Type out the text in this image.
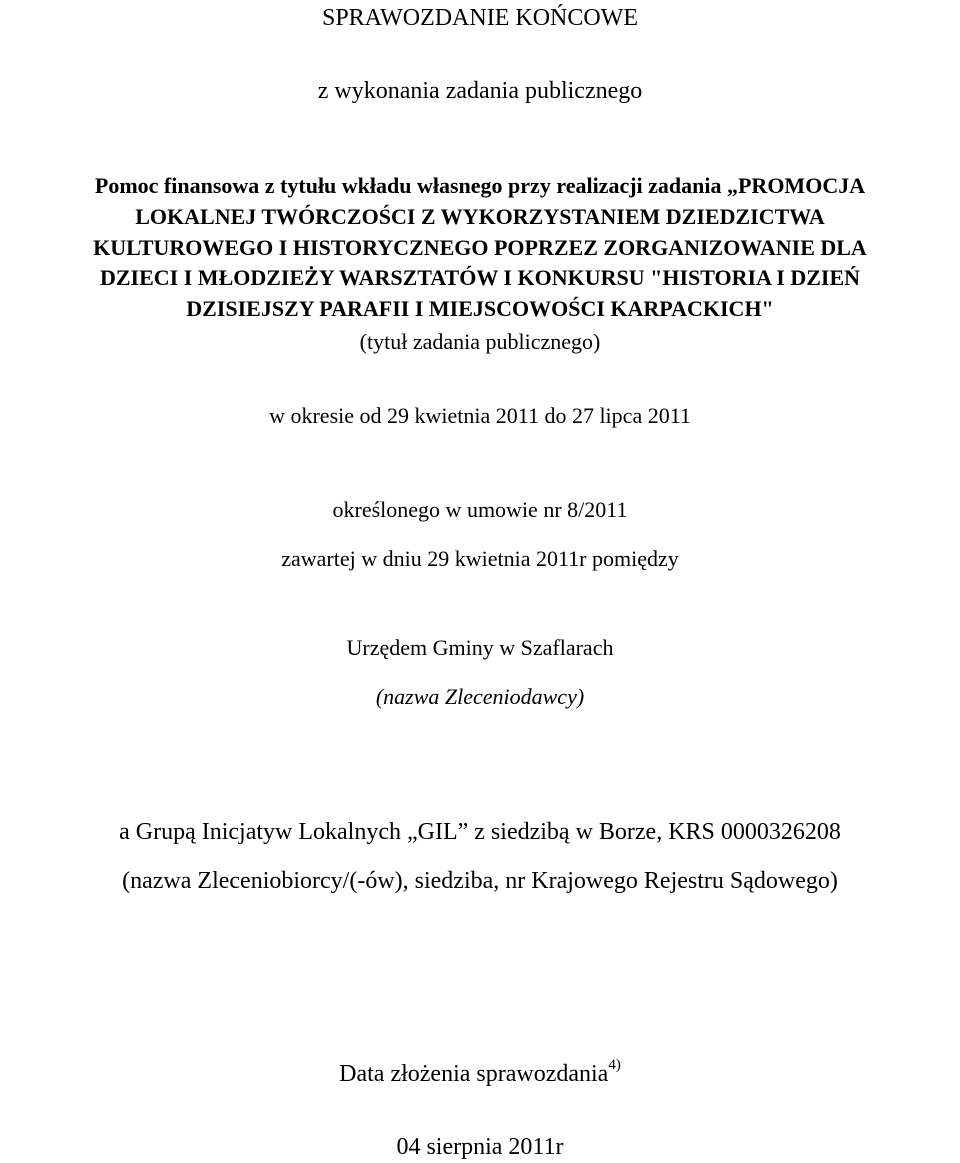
SPRAWOZDANIE KOŃCOWE
z wykonania zadania publicznego
Pomoc finansowa z tytułu wkładu własnego przy realizacji zadania „PROMOCJA
LOKALNEJ TWÓRCZOŚCI Z WYKORZYSTANIEM DZIEDZICTWA
KULTUROWEGO I HISTORYCZNEGO POPRZEZ ZORGANIZOWANIE DLA
DZIECI I MŁODZIEŻY WARSZTATÓW I KONKURSU "HISTORIA I DZIEŃ
DZISIEJSZY PARAFII I MIEJSCOWOŚCI KARPACKICH"
(tytuł zadania publicznego)
w okresie od 29 kwietnia 2011 do 27 lipca 2011
określonego w umowie nr 8/2011
zawartej w dniu 29 kwietnia 2011r pomiędzy
Urzędem Gminy w Szaflarach
(nazwa Zleceniodawcy)
a Grupą Inicjatyw Lokalnych „GIL” z siedzibą w Borze, KRS 0000326208
(nazwa Zleceniobiorcy/(-ów), siedziba, nr Krajowego Rejestru Sądowego)
Data złożenia sprawozdania$^{4)}$
04 sierpnia 2011r
